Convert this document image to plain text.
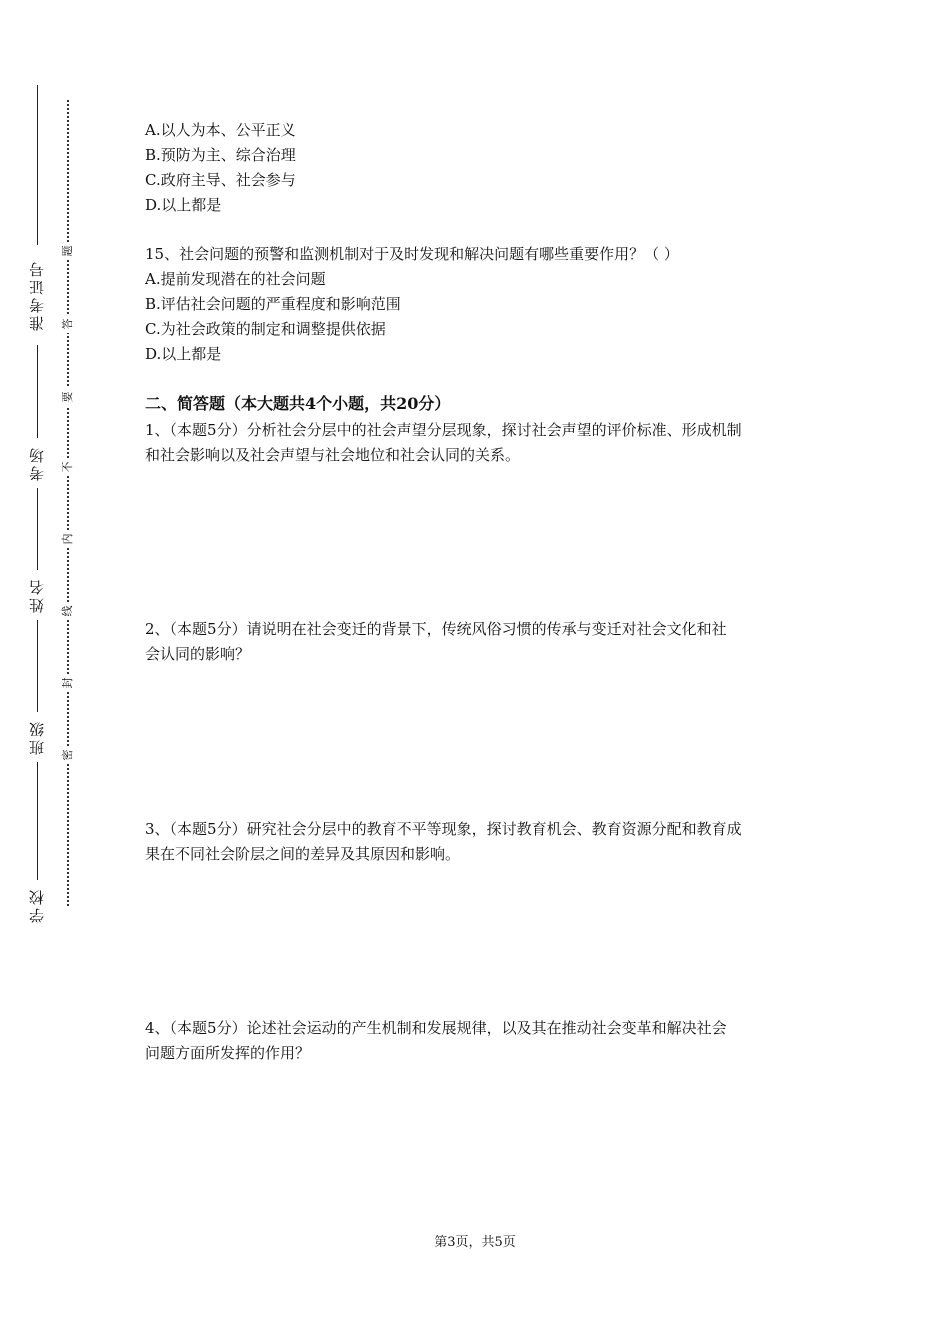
准考证号
考场
姓名
班级
学校
题
答
要
不
内
线
封
密
A.以人为本、公平正义
B.预防为主、综合治理
C.政府主导、社会参与
D.以上都是
15、社会问题的预警和监测机制对于及时发现和解决问题有哪些重要作用？（ ）
A.提前发现潜在的社会问题
B.评估社会问题的严重程度和影响范围
C.为社会政策的制定和调整提供依据
D.以上都是
二、简答题（本大题共4个小题，共20分）
1、（本题5分）分析社会分层中的社会声望分层现象，探讨社会声望的评价标准、形成机制
和社会影响以及社会声望与社会地位和社会认同的关系。
2、（本题5分）请说明在社会变迁的背景下，传统风俗习惯的传承与变迁对社会文化和社
会认同的影响？
3、（本题5分）研究社会分层中的教育不平等现象，探讨教育机会、教育资源分配和教育成
果在不同社会阶层之间的差异及其原因和影响。
4、（本题5分）论述社会运动的产生机制和发展规律，以及其在推动社会变革和解决社会
问题方面所发挥的作用？
第3页，共5页
